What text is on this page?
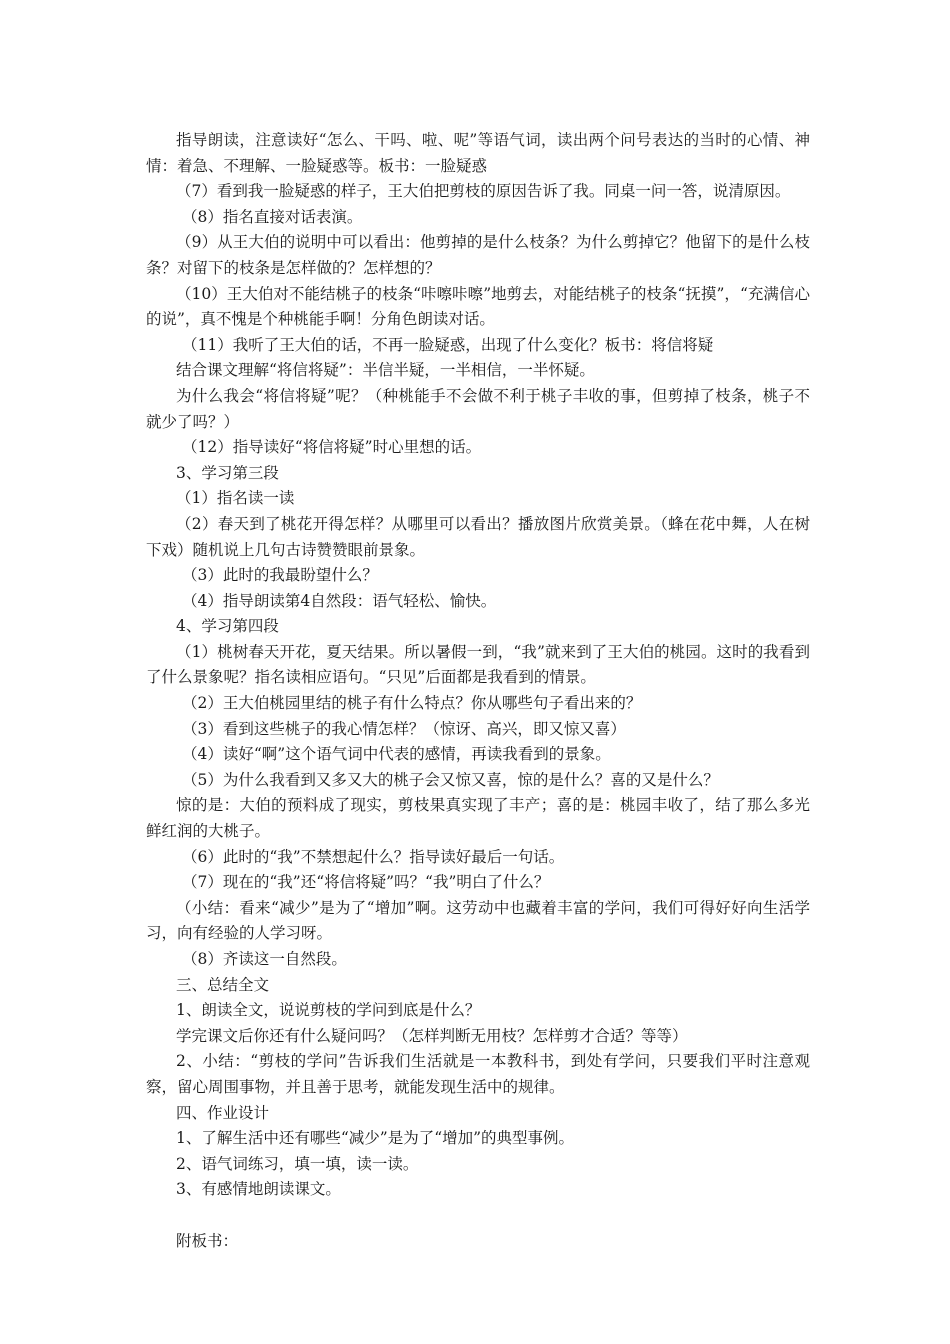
指导朗读，注意读好“怎么、干吗、啦、呢”等语气词，读出两个问号表达的当时的心情、神情：着急、不理解、一脸疑惑等。板书：一脸疑惑

（7）看到我一脸疑惑的样子，王大伯把剪枝的原因告诉了我。同桌一问一答，说清原因。

（8）指名直接对话表演。

（9）从王大伯的说明中可以看出：他剪掉的是什么枝条？为什么剪掉它？他留下的是什么枝条？对留下的枝条是怎样做的？怎样想的？

（10）王大伯对不能结桃子的枝条“咔嚓咔嚓”地剪去，对能结桃子的枝条“抚摸”，“充满信心的说”，真不愧是个种桃能手啊！分角色朗读对话。

（11）我听了王大伯的话，不再一脸疑惑，出现了什么变化？板书：将信将疑

结合课文理解“将信将疑”：半信半疑，一半相信，一半怀疑。

为什么我会“将信将疑”呢？（种桃能手不会做不利于桃子丰收的事，但剪掉了枝条，桃子不就少了吗？）

（12）指导读好“将信将疑”时心里想的话。

3、学习第三段

（1）指名读一读

（2）春天到了桃花开得怎样？从哪里可以看出？播放图片欣赏美景。（蜂在花中舞，人在树下戏）随机说上几句古诗赞赞眼前景象。

（3）此时的我最盼望什么？

（4）指导朗读第4自然段：语气轻松、愉快。

4、学习第四段

（1）桃树春天开花，夏天结果。所以暑假一到，“我”就来到了王大伯的桃园。这时的我看到了什么景象呢？指名读相应语句。“只见”后面都是我看到的情景。

（2）王大伯桃园里结的桃子有什么特点？你从哪些句子看出来的？

（3）看到这些桃子的我心情怎样？（惊讶、高兴，即又惊又喜）

（4）读好“啊”这个语气词中代表的感情，再读我看到的景象。

（5）为什么我看到又多又大的桃子会又惊又喜，惊的是什么？喜的又是什么？

惊的是：大伯的预料成了现实，剪枝果真实现了丰产；喜的是：桃园丰收了，结了那么多光鲜红润的大桃子。

（6）此时的“我”不禁想起什么？指导读好最后一句话。

（7）现在的“我”还“将信将疑”吗？“我”明白了什么？

（小结：看来“减少”是为了“增加”啊。这劳动中也藏着丰富的学问，我们可得好好向生活学习，向有经验的人学习呀。

（8）齐读这一自然段。

三、总结全文

1、朗读全文，说说剪枝的学问到底是什么？

学完课文后你还有什么疑问吗？（怎样判断无用枝？怎样剪才合适？等等）

2、小结：“剪枝的学问”告诉我们生活就是一本教科书，到处有学问，只要我们平时注意观察，留心周围事物，并且善于思考，就能发现生活中的规律。

四、作业设计

1、了解生活中还有哪些“减少”是为了“增加”的典型事例。

2、语气词练习，填一填，读一读。

3、有感情地朗读课文。

附板书：
